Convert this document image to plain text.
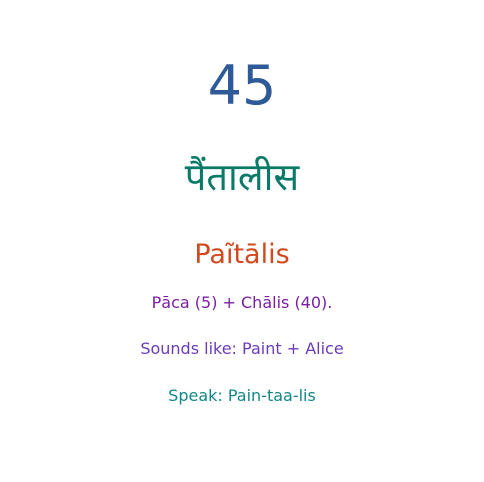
45
पैंतालीस
Paĩtālis
Pāca (5) + Chālis (40).
Sounds like: Paint + Alice
Speak: Pain-taa-lis
